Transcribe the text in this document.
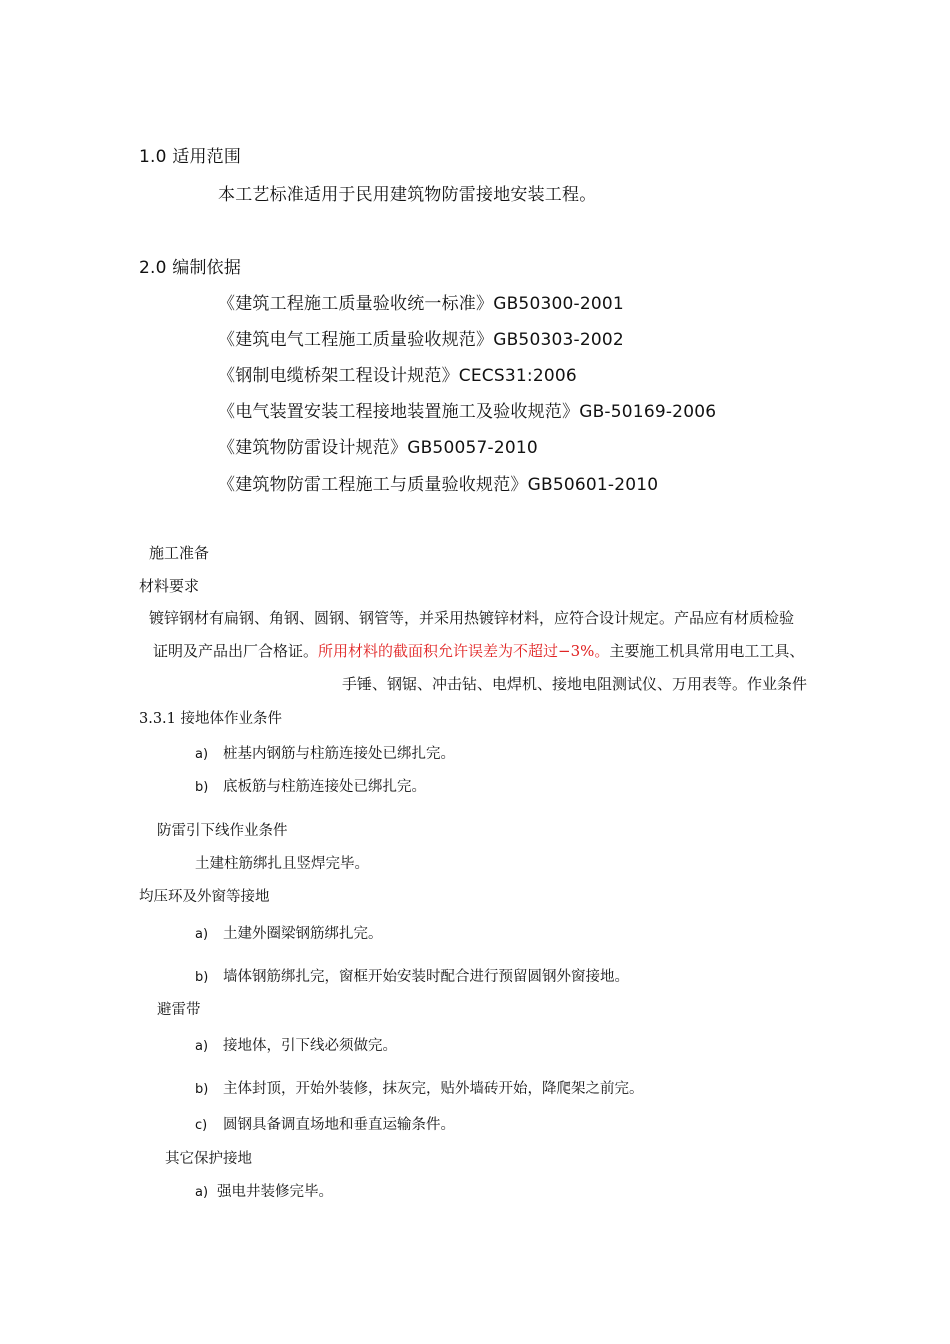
1.0 适用范围
本工艺标准适用于民用建筑物防雷接地安装工程。
2.0 编制依据
《建筑工程施工质量验收统一标准》GB50300-2001
《建筑电气工程施工质量验收规范》GB50303-2002
《钢制电缆桥架工程设计规范》CECS31:2006
《电气装置安装工程接地装置施工及验收规范》GB-50169-2006
《建筑物防雷设计规范》GB50057-2010
《建筑物防雷工程施工与质量验收规范》GB50601-2010
施工准备
材料要求
镀锌钢材有扁钢、角钢、圆钢、钢管等，并采用热镀锌材料，应符合设计规定。产品应有材质检验
证明及产品出厂合格证。所用材料的截面积允许误差为不超过−3%。主要施工机具常用电工工具、
手锤、钢锯、冲击钻、电焊机、接地电阻测试仪、万用表等。作业条件
3.3.1 接地体作业条件
a) 桩基内钢筋与柱筋连接处已绑扎完。
b) 底板筋与柱筋连接处已绑扎完。
防雷引下线作业条件
土建柱筋绑扎且竖焊完毕。
均压环及外窗等接地
a) 土建外圈梁钢筋绑扎完。
b) 墙体钢筋绑扎完，窗框开始安装时配合进行预留圆钢外窗接地。
避雷带
a) 接地体，引下线必须做完。
b) 主体封顶，开始外装修，抹灰完，贴外墙砖开始，降爬架之前完。
c) 圆钢具备调直场地和垂直运输条件。
其它保护接地
a) 强电井装修完毕。
